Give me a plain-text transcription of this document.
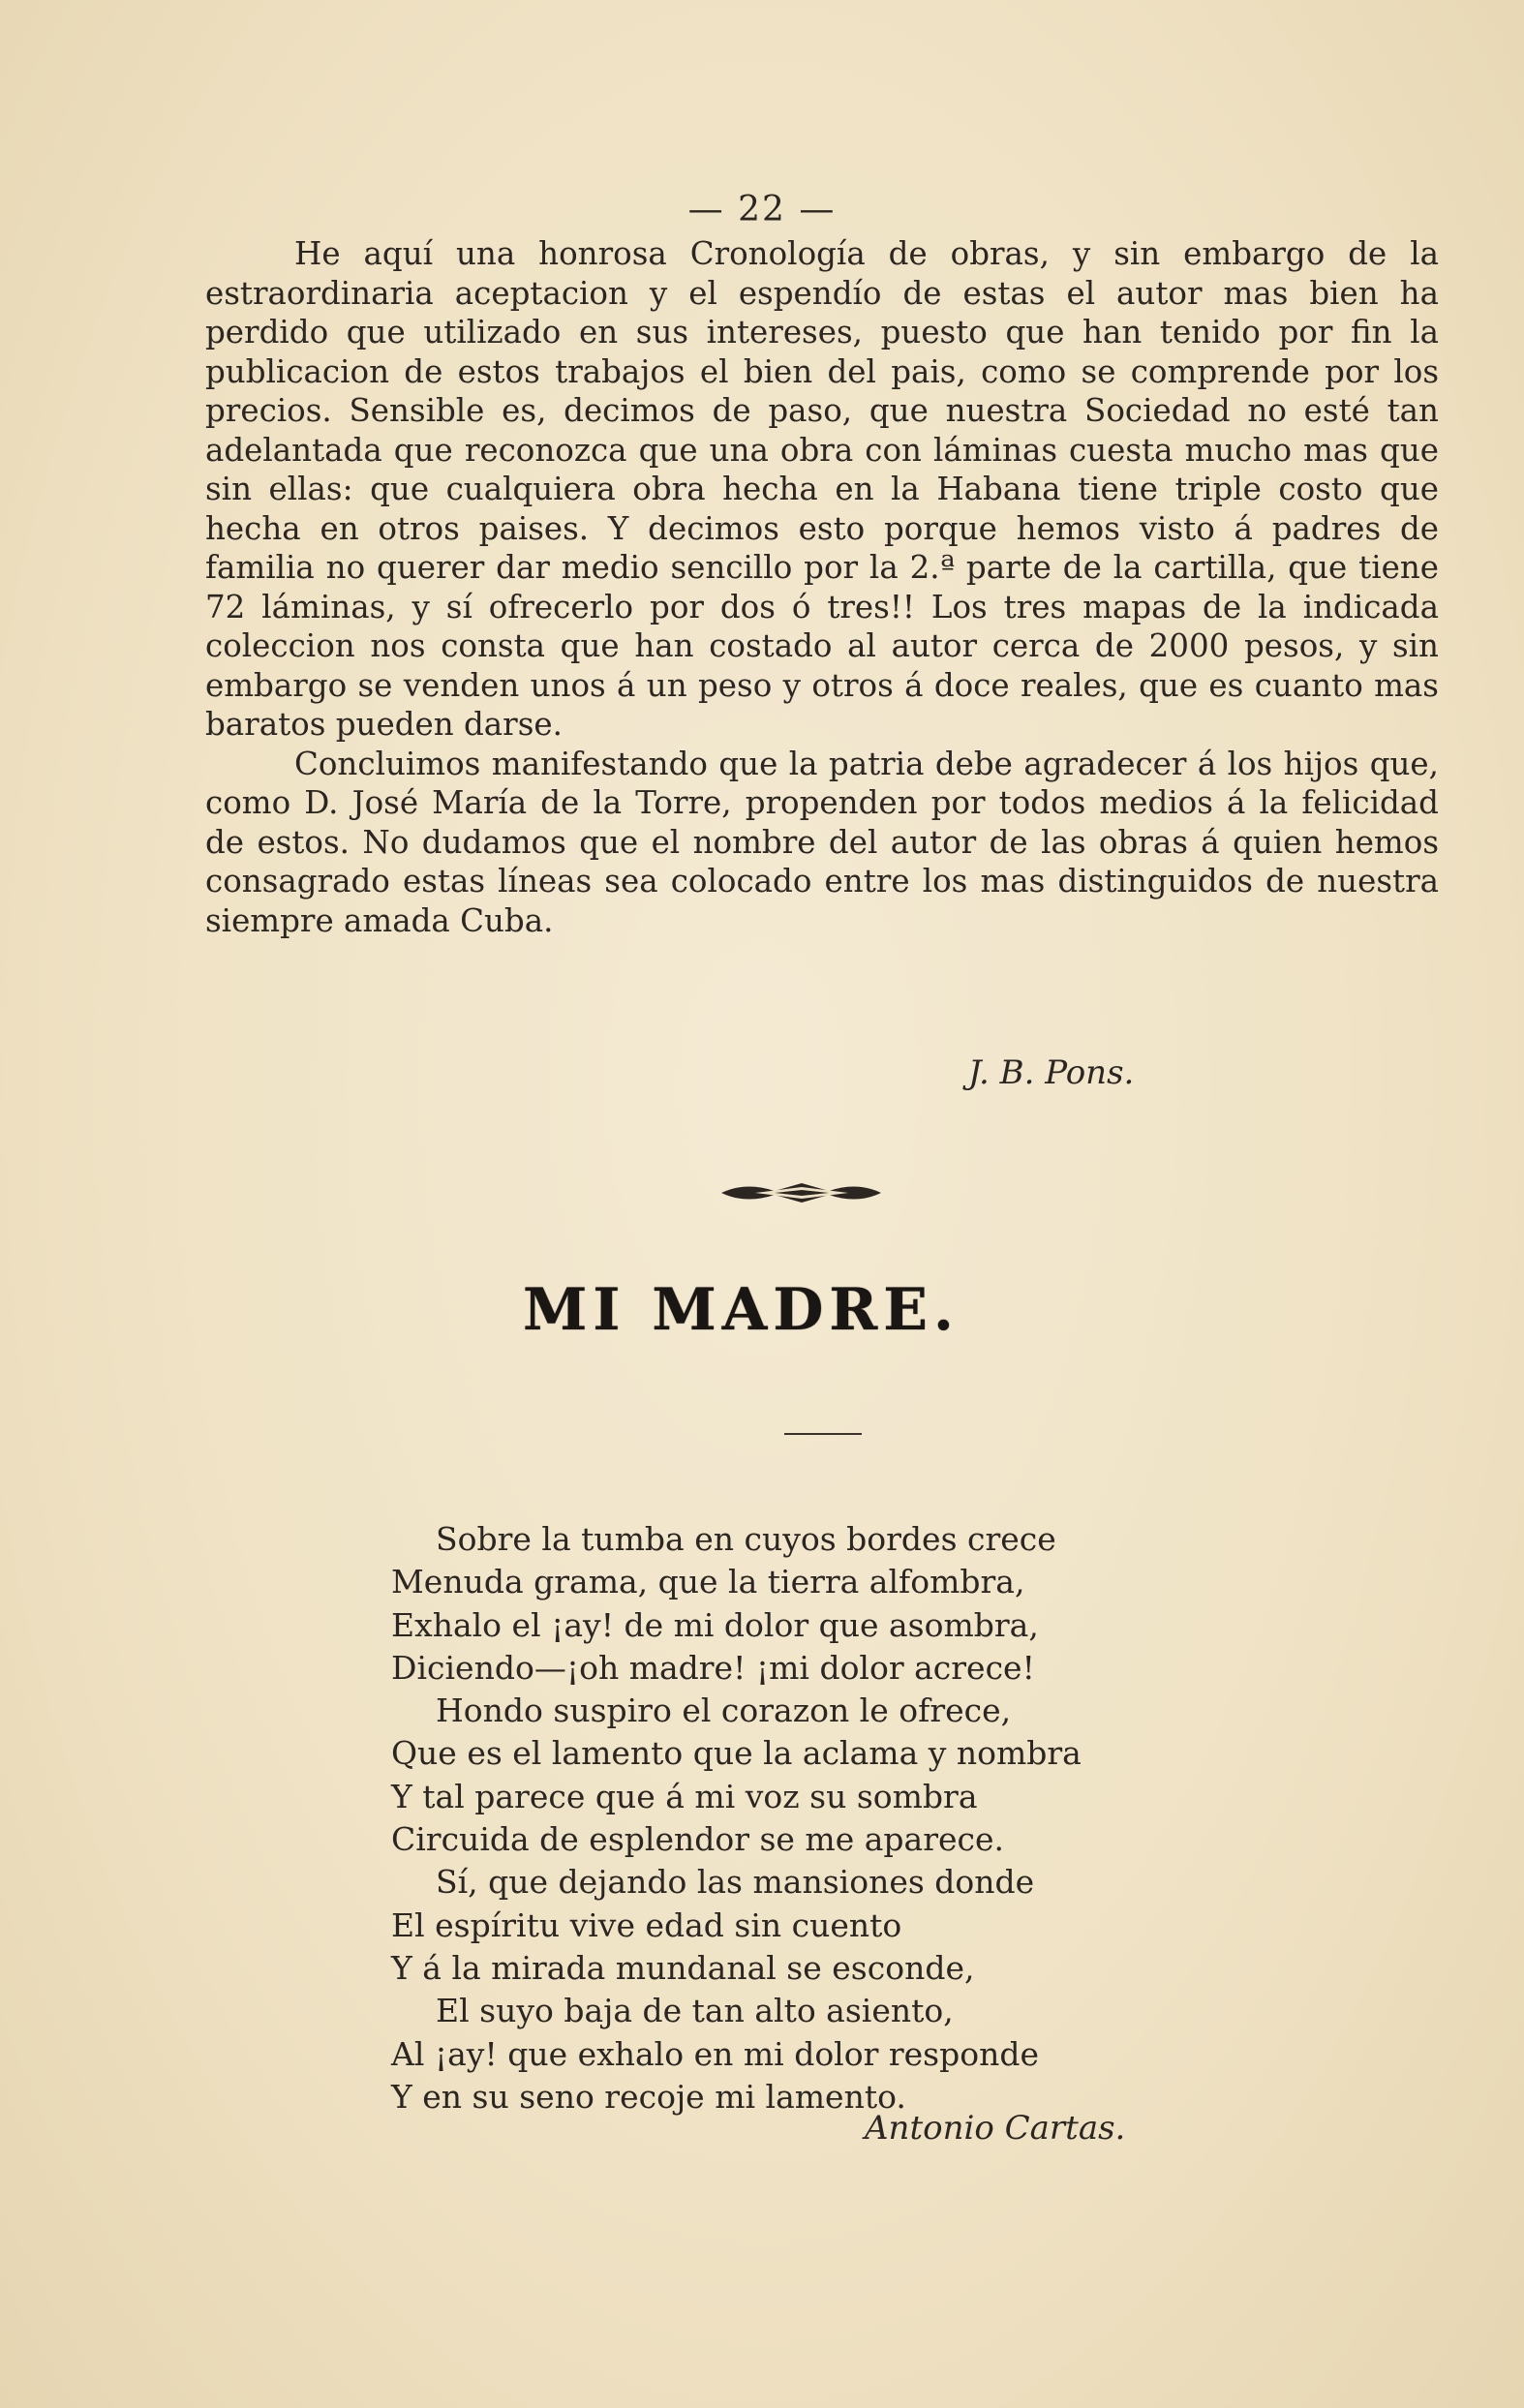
— 22 —

He aquí una honrosa Cronología de obras, y sin embargo de la estraordinaria aceptacion y el espendío de estas el autor mas bien ha perdido que utilizado en sus intereses, puesto que han tenido por fin la publicacion de estos trabajos el bien del pais, como se comprende por los precios. Sensible es, decimos de paso, que nuestra Sociedad no esté tan adelantada que reconozca que una obra con láminas cuesta mucho mas que sin ellas: que cualquiera obra hecha en la Habana tiene triple costo que hecha en otros paises. Y decimos esto porque hemos visto á padres de familia no querer dar medio sencillo por la 2.ª parte de la cartilla, que tiene 72 láminas, y sí ofrecerlo por dos ó tres!! Los tres mapas de la indicada coleccion nos consta que han costado al autor cerca de 2000 pesos, y sin embargo se venden unos á un peso y otros á doce reales, que es cuanto mas baratos pueden darse.

Concluimos manifestando que la patria debe agradecer á los hijos que, como D. José María de la Torre, propenden por todos medios á la felicidad de estos. No dudamos que el nombre del autor de las obras á quien hemos consagrado estas líneas sea colocado entre los mas distinguidos de nuestra siempre amada Cuba.

J. B. Pons.
MI MADRE.
Sobre la tumba en cuyos bordes crece
Menuda grama, que la tierra alfombra,
Exhalo el ¡ay! de mi dolor que asombra,
Diciendo—¡oh madre! ¡mi dolor acrece!
Hondo suspiro el corazon le ofrece,
Que es el lamento que la aclama y nombra
Y tal parece que á mi voz su sombra
Circuida de esplendor se me aparece.
Sí, que dejando las mansiones donde
El espíritu vive edad sin cuento
Y á la mirada mundanal se esconde,
El suyo baja de tan alto asiento,
Al ¡ay! que exhalo en mi dolor responde
Y en su seno recoje mi lamento.
Antonio Cartas.
